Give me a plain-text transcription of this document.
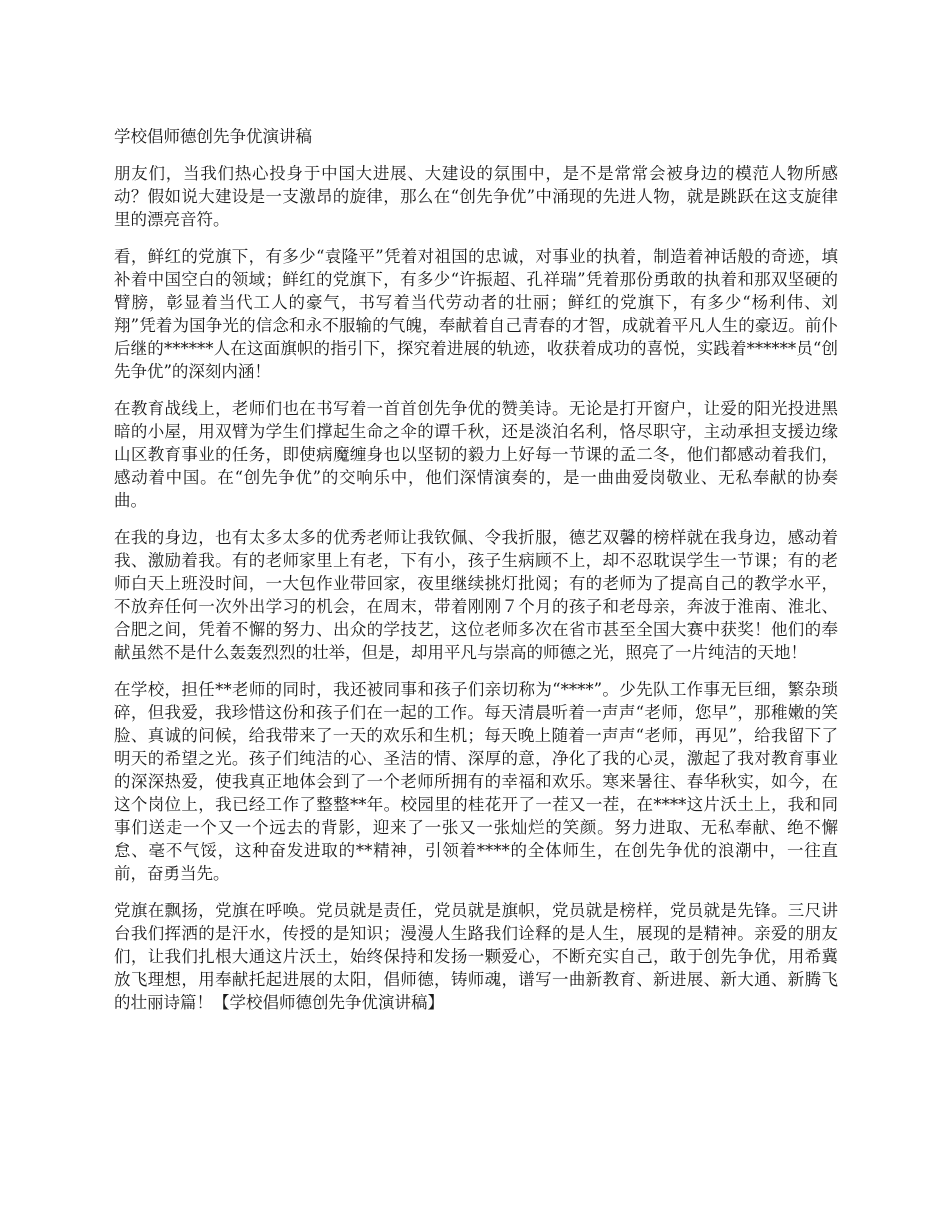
学校倡师德创先争优演讲稿

朋友们，当我们热心投身于中国大进展、大建设的氛围中，是不是常常会被身边的模范人物所感动？假如说大建设是一支激昂的旋律，那么在“创先争优”中涌现的先进人物，就是跳跃在这支旋律里的漂亮音符。

看，鲜红的党旗下，有多少“袁隆平”凭着对祖国的忠诚，对事业的执着，制造着神话般的奇迹，填补着中国空白的领域；鲜红的党旗下，有多少“许振超、孔祥瑞”凭着那份勇敢的执着和那双坚硬的臂膀，彰显着当代工人的豪气，书写着当代劳动者的壮丽；鲜红的党旗下，有多少“杨利伟、刘翔”凭着为国争光的信念和永不服输的气魄，奉献着自己青春的才智，成就着平凡人生的豪迈。前仆后继的******人在这面旗帜的指引下，探究着进展的轨迹，收获着成功的喜悦，实践着******员“创先争优”的深刻内涵！

在教育战线上，老师们也在书写着一首首创先争优的赞美诗。无论是打开窗户，让爱的阳光投进黑暗的小屋，用双臂为学生们撑起生命之伞的谭千秋，还是淡泊名利，恪尽职守，主动承担支援边缘山区教育事业的任务，即使病魔缠身也以坚韧的毅力上好每一节课的孟二冬，他们都感动着我们，感动着中国。在“创先争优”的交响乐中，他们深情演奏的，是一曲曲爱岗敬业、无私奉献的协奏曲。

在我的身边，也有太多太多的优秀老师让我钦佩、令我折服，德艺双馨的榜样就在我身边，感动着我、激励着我。有的老师家里上有老，下有小，孩子生病顾不上，却不忍耽误学生一节课；有的老师白天上班没时间，一大包作业带回家，夜里继续挑灯批阅；有的老师为了提高自己的教学水平，不放弃任何一次外出学习的机会，在周末，带着刚刚７个月的孩子和老母亲，奔波于淮南、淮北、合肥之间，凭着不懈的努力、出众的学技艺，这位老师多次在省市甚至全国大赛中获奖！他们的奉献虽然不是什么轰轰烈烈的壮举，但是，却用平凡与崇高的师德之光，照亮了一片纯洁的天地！

在学校，担任**老师的同时，我还被同事和孩子们亲切称为“****”。少先队工作事无巨细，繁杂琐碎，但我爱，我珍惜这份和孩子们在一起的工作。每天清晨听着一声声“老师，您早”，那稚嫩的笑脸、真诚的问候，给我带来了一天的欢乐和生机；每天晚上随着一声声“老师，再见”，给我留下了明天的希望之光。孩子们纯洁的心、圣洁的情、深厚的意，净化了我的心灵，激起了我对教育事业的深深热爱，使我真正地体会到了一个老师所拥有的幸福和欢乐。寒来暑往、春华秋实，如今，在这个岗位上，我已经工作了整整**年。校园里的桂花开了一茬又一茬，在****这片沃土上，我和同事们送走一个又一个远去的背影，迎来了一张又一张灿烂的笑颜。努力进取、无私奉献、绝不懈怠、毫不气馁，这种奋发进取的**精神，引领着****的全体师生，在创先争优的浪潮中，一往直前，奋勇当先。

党旗在飘扬，党旗在呼唤。党员就是责任，党员就是旗帜，党员就是榜样，党员就是先锋。三尺讲台我们挥洒的是汗水，传授的是知识；漫漫人生路我们诠释的是人生，展现的是精神。亲爱的朋友们，让我们扎根大通这片沃土，始终保持和发扬一颗爱心，不断充实自己，敢于创先争优，用希冀放飞理想，用奉献托起进展的太阳，倡师德，铸师魂，谱写一曲新教育、新进展、新大通、新腾飞的壮丽诗篇！【学校倡师德创先争优演讲稿】
